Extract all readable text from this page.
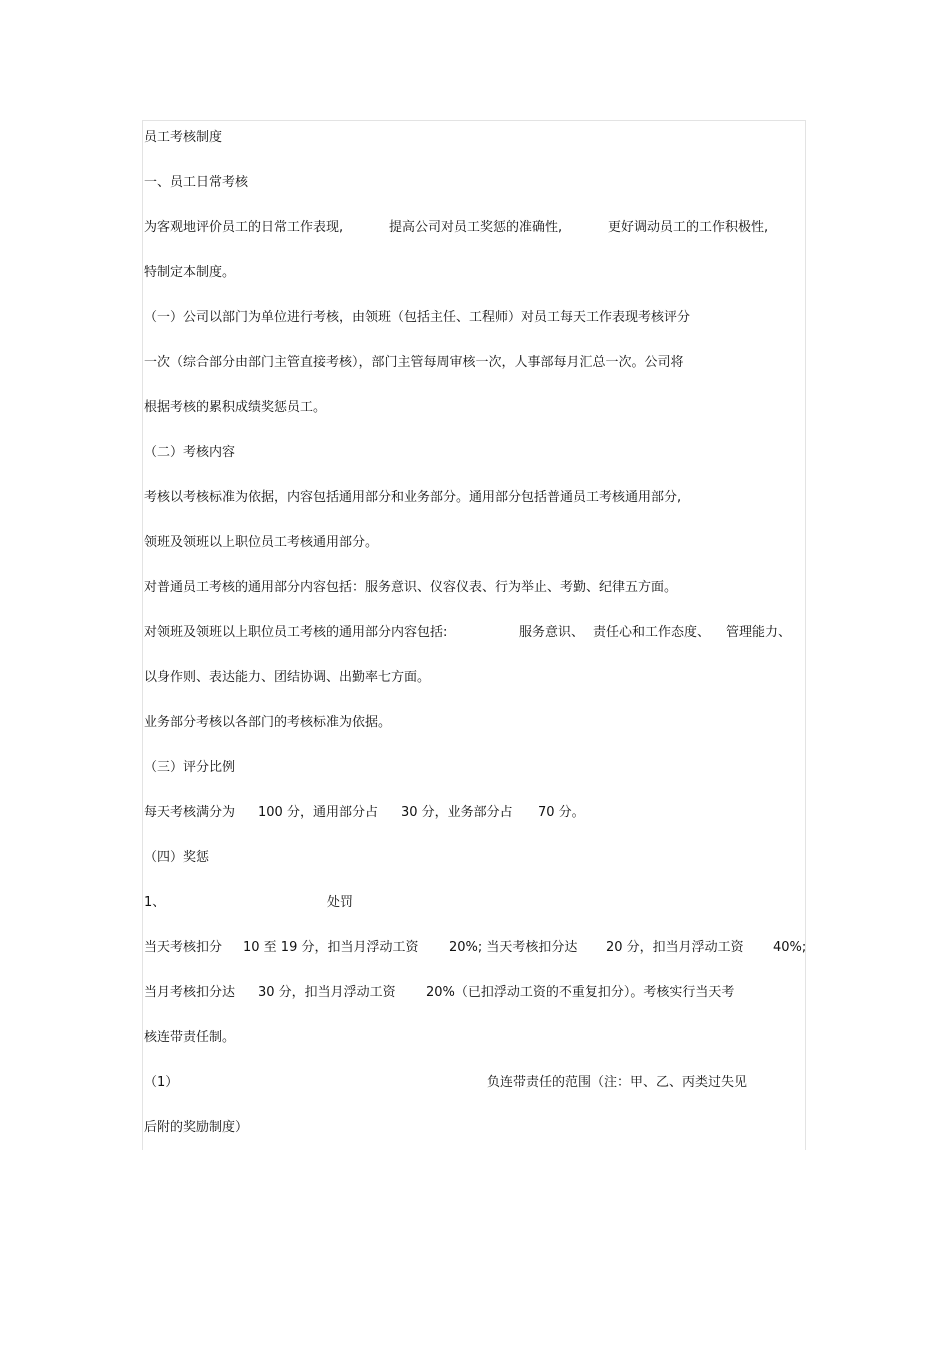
员工考核制度
一、员工日常考核
为客观地评价员工的日常工作表现,	提高公司对员工奖惩的准确性,	更好调动员工的工作积极性,
特制定本制度。
（一）公司以部门为单位进行考核，由领班（包括主任、工程师）对员工每天工作表现考核评分
一次（综合部分由部门主管直接考核），部门主管每周审核一次，人事部每月汇总一次。公司将
根据考核的累积成绩奖惩员工。
（二）考核内容
考核以考核标准为依据，内容包括通用部分和业务部分。通用部分包括普通员工考核通用部分,
领班及领班以上职位员工考核通用部分。
对普通员工考核的通用部分内容包括：服务意识、仪容仪表、行为举止、考勤、纪律五方面。
对领班及领班以上职位员工考核的通用部分内容包括:	服务意识、 责任心和工作态度、 管理能力、
以身作则、表达能力、团结协调、出勤率七方面。
业务部分考核以各部门的考核标准为依据。
（三）评分比例
每天考核满分为 100 分，通用部分占 30 分，业务部分占 70 分。
（四）奖惩
1、	处罚
当天考核扣分 10 至 19 分，扣当月浮动工资 20%; 当天考核扣分达 20 分，扣当月浮动工资 40%;
当月考核扣分达 30 分，扣当月浮动工资 20%（已扣浮动工资的不重复扣分）。考核实行当天考
核连带责任制。
（1）	负连带责任的范围（注：甲、乙、丙类过失见
后附的奖励制度）
